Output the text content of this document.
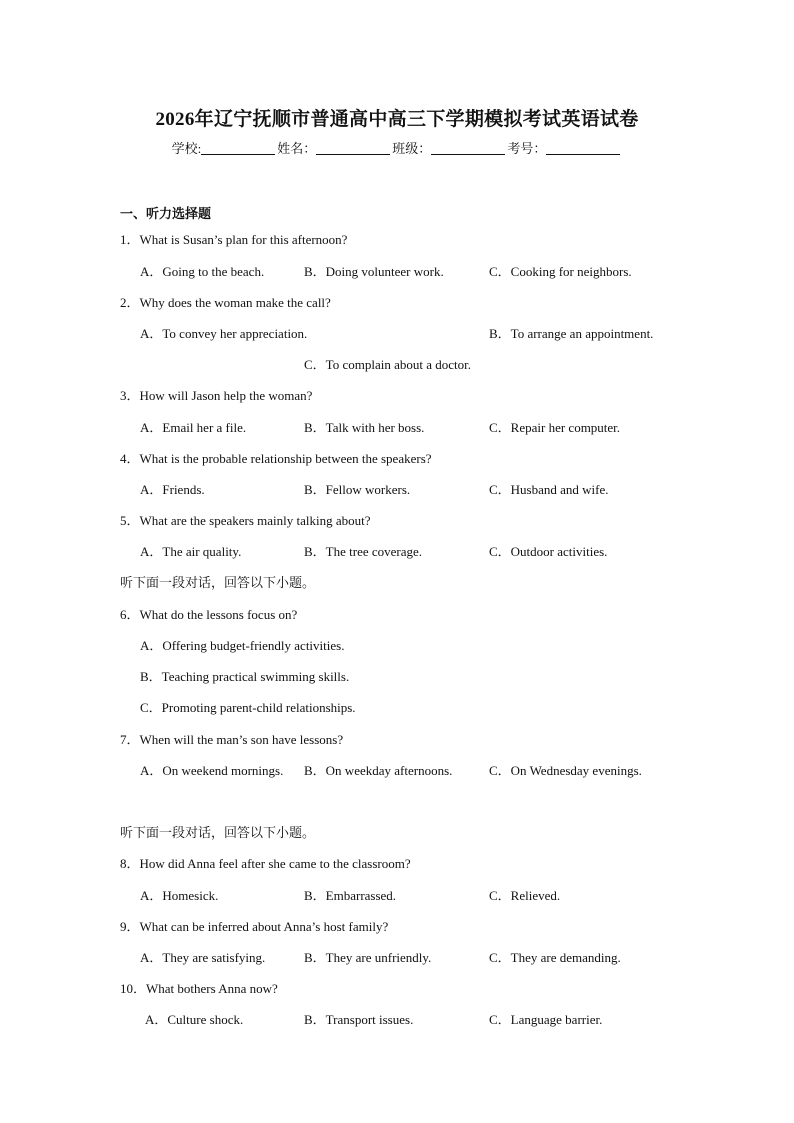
2026年辽宁抚顺市普通高中高三下学期模拟考试英语试卷
学校:	姓名：	班级：	考号：
一、听力选择题
1．What is Susan’s plan for this afternoon?
A．Going to the beach.	B．Doing volunteer work.	C．Cooking for neighbors.
2．Why does the woman make the call?
A．To convey her appreciation.	B．To arrange an appointment.
C．To complain about a doctor.
3．How will Jason help the woman?
A．Email her a file.	B．Talk with her boss.	C．Repair her computer.
4．What is the probable relationship between the speakers?
A．Friends.	B．Fellow workers.	C．Husband and wife.
5．What are the speakers mainly talking about?
A．The air quality.	B．The tree coverage.	C．Outdoor activities.
听下面一段对话，回答以下小题。
6．What do the lessons focus on?
A．Offering budget-friendly activities.
B．Teaching practical swimming skills.
C．Promoting parent-child relationships.
7．When will the man’s son have lessons?
A．On weekend mornings. B．On weekday afternoons.	C．On Wednesday evenings.
听下面一段对话，回答以下小题。
8．How did Anna feel after she came to the classroom?
A．Homesick.	B．Embarrassed.	C．Relieved.
9．What can be inferred about Anna’s host family?
A．They are satisfying.	B．They are unfriendly.	C．They are demanding.
10．What bothers Anna now?
A．Culture shock.	B．Transport issues.	C．Language barrier.
